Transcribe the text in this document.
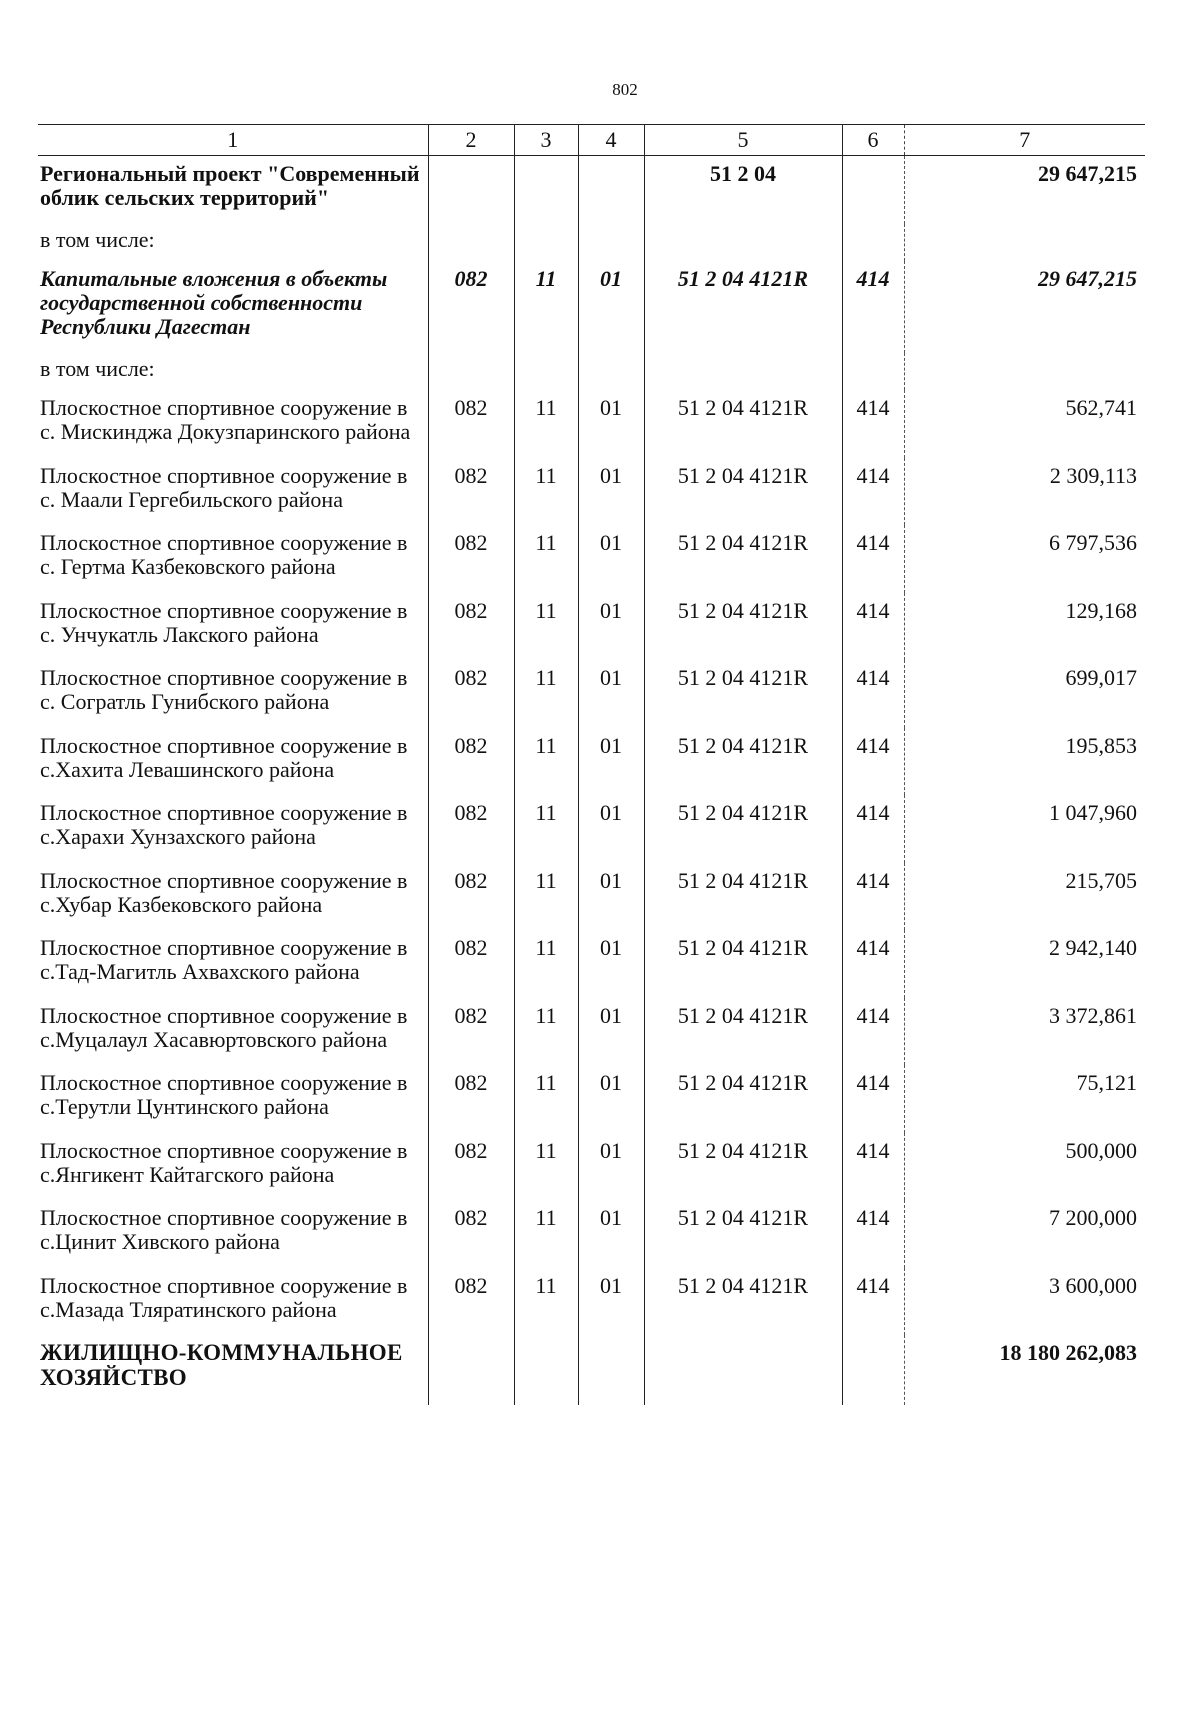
802
1	2	3	4	5	6	7
Региональный проект "Современный облик сельских территорий"				51 2 04		29 647,215
в том числе:						
Капитальные вложения в объекты государственной собственности Республики Дагестан	082	11	01	51 2 04 4121R	414	29 647,215
в том числе:						
Плоскостное спортивное сооружение в с. Мискинджа Докузпаринского района	082	11	01	51 2 04 4121R	414	562,741
Плоскостное спортивное сооружение в с. Маали Гергебильского района	082	11	01	51 2 04 4121R	414	2 309,113
Плоскостное спортивное сооружение в с. Гертма Казбековского района	082	11	01	51 2 04 4121R	414	6 797,536
Плоскостное спортивное сооружение в с. Унчукатль Лакского района	082	11	01	51 2 04 4121R	414	129,168
Плоскостное спортивное сооружение в с. Согратль Гунибского района	082	11	01	51 2 04 4121R	414	699,017
Плоскостное спортивное сооружение в с.Хахита Левашинского района	082	11	01	51 2 04 4121R	414	195,853
Плоскостное спортивное сооружение в с.Харахи Хунзахского района	082	11	01	51 2 04 4121R	414	1 047,960
Плоскостное спортивное сооружение в с.Хубар Казбековского района	082	11	01	51 2 04 4121R	414	215,705
Плоскостное спортивное сооружение в с.Тад-Магитль Ахвахского района	082	11	01	51 2 04 4121R	414	2 942,140
Плоскостное спортивное сооружение в с.Муцалаул Хасавюртовского района	082	11	01	51 2 04 4121R	414	3 372,861
Плоскостное спортивное сооружение в с.Терутли Цунтинского района	082	11	01	51 2 04 4121R	414	75,121
Плоскостное спортивное сооружение в с.Янгикент Кайтагского района	082	11	01	51 2 04 4121R	414	500,000
Плоскостное спортивное сооружение в с.Цинит Хивского района	082	11	01	51 2 04 4121R	414	7 200,000
Плоскостное спортивное сооружение в с.Мазада Тляратинского района	082	11	01	51 2 04 4121R	414	3 600,000
ЖИЛИЩНО-КОММУНАЛЬНОЕ ХОЗЯЙСТВО						18 180 262,083
